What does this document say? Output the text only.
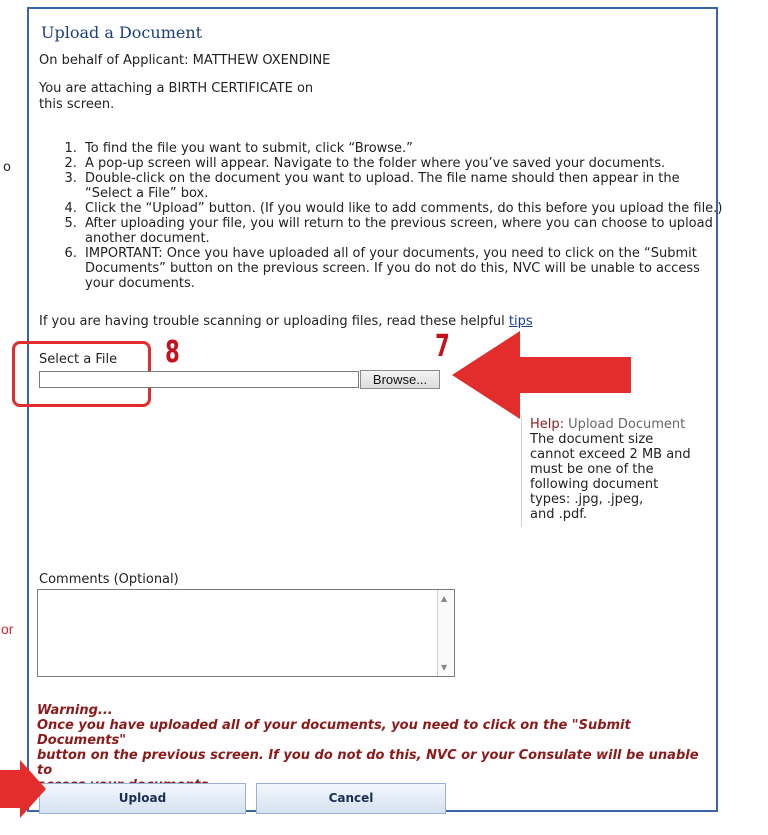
o
or
Upload a Document
On behalf of Applicant: MATTHEW OXENDINE
You are attaching a BIRTH CERTIFICATE on
this screen.
1. To find the file you want to submit, click “Browse.”
2. A pop-up screen will appear. Navigate to the folder where you’ve saved your documents.
3. Double-click on the document you want to upload. The file name should then appear in the “Select a File” box.
4. Click the “Upload” button. (If you would like to add comments, do this before you upload the file.)
5. After uploading your file, you will return to the previous screen, where you can choose to upload another document.
6. IMPORTANT: Once you have uploaded all of your documents, you need to click on the “Submit Documents” button on the previous screen. If you do not do this, NVC will be unable to access your documents.
If you are having trouble scanning or uploading files, read these helpful tips
8	7
Select a File
Browse...
Help: Upload Document
The document size
cannot exceed 2 MB and
must be one of the
following document
types: .jpg, .jpeg,
and .pdf.
Comments (Optional)
▲
▼
Warning...
Once you have uploaded all of your documents, you need to click on the "Submit Documents"
button on the previous screen. If you do not do this, NVC or your Consulate will be unable to
Upload	Cancel
